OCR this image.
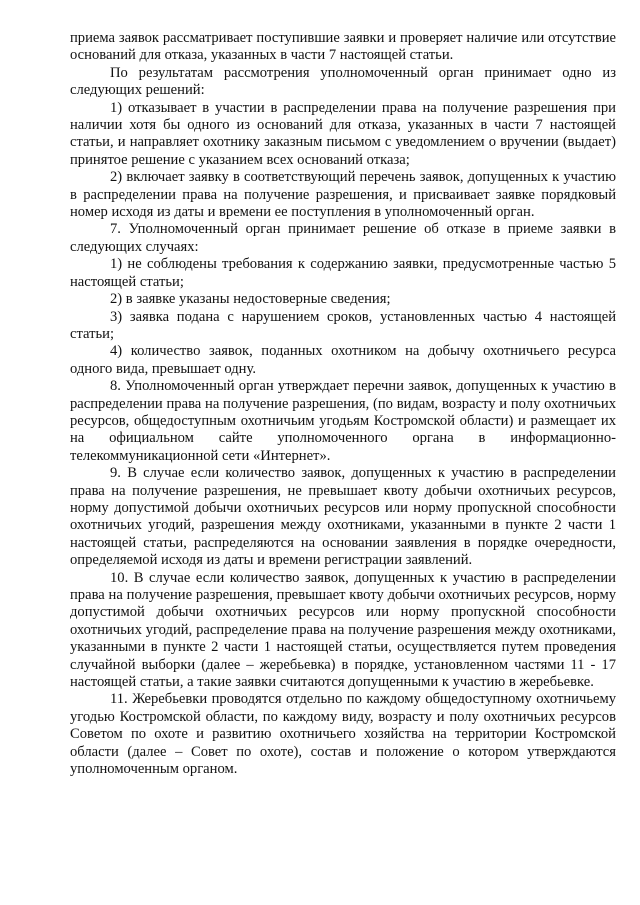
приема заявок рассматривает поступившие заявки и проверяет наличие или отсутствие оснований для отказа, указанных в части 7 настоящей статьи.

По результатам рассмотрения уполномоченный орган принимает одно из следующих решений:

1) отказывает в участии в распределении права на получение разрешения при наличии хотя бы одного из оснований для отказа, указанных в части 7 настоящей статьи, и направляет охотнику заказным письмом с уведомлением о вручении (выдает) принятое решение с указанием всех оснований отказа;

2) включает заявку в соответствующий перечень заявок, допущенных к участию в распределении права на получение разрешения, и присваивает заявке порядковый номер исходя из даты и времени ее поступления в уполномоченный орган.

7. Уполномоченный орган принимает решение об отказе в приеме заявки в следующих случаях:

1) не соблюдены требования к содержанию заявки, предусмотренные частью 5 настоящей статьи;

2) в заявке указаны недостоверные сведения;

3) заявка подана с нарушением сроков, установленных частью 4 настоящей статьи;

4) количество заявок, поданных охотником на добычу охотничьего ресурса одного вида, превышает одну.

8. Уполномоченный орган утверждает перечни заявок, допущенных к участию в распределении права на получение разрешения, (по видам, возрасту и полу охотничьих ресурсов, общедоступным охотничьим угодьям Костромской области) и размещает их на официальном сайте уполномоченного органа в информационно-телекоммуникационной сети «Интернет».

9. В случае если количество заявок, допущенных к участию в распределении права на получение разрешения, не превышает квоту добычи охотничьих ресурсов, норму допустимой добычи охотничьих ресурсов или норму пропускной способности охотничьих угодий, разрешения между охотниками, указанными в пункте 2 части 1 настоящей статьи, распределяются на основании заявления в порядке очередности, определяемой исходя из даты и времени регистрации заявлений.

10. В случае если количество заявок, допущенных к участию в распределении права на получение разрешения, превышает квоту добычи охотничьих ресурсов, норму допустимой добычи охотничьих ресурсов или норму пропускной способности охотничьих угодий, распределение права на получение разрешения между охотниками, указанными в пункте 2 части 1 настоящей статьи, осуществляется путем проведения случайной выборки (далее – жеребьевка) в порядке, установленном частями 11 - 17 настоящей статьи, а такие заявки считаются допущенными к участию в жеребьевке.

11. Жеребьевки проводятся отдельно по каждому общедоступному охотничьему угодью Костромской области, по каждому виду, возрасту и полу охотничьих ресурсов Советом по охоте и развитию охотничьего хозяйства на территории Костромской области (далее – Совет по охоте), состав и положение о котором утверждаются уполномоченным органом.
